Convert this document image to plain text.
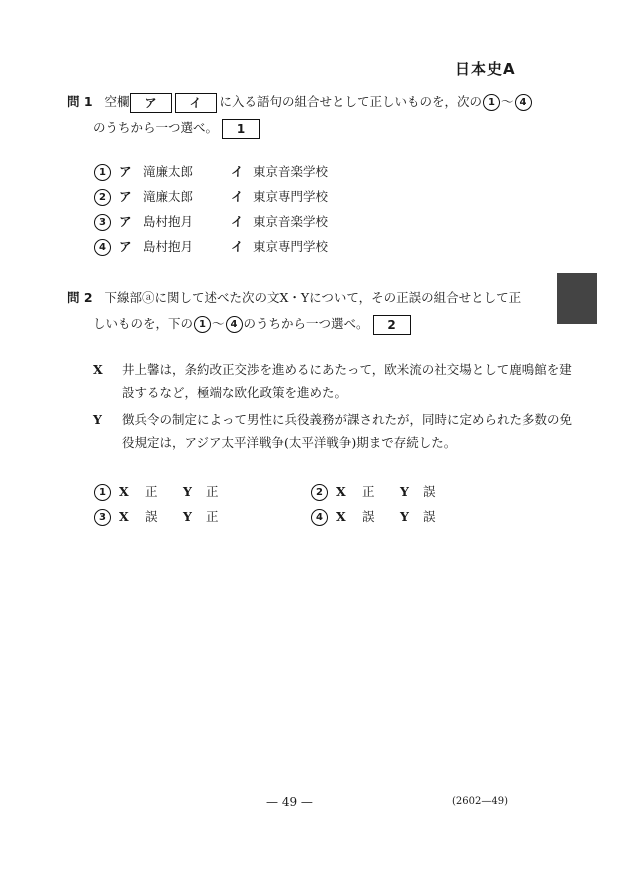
日本史A
問 1 空欄 ア	イ に入る語句の組合せとして正しいものを，次の 1 〜 4
のうちから一つ選べ。 1
1	ア 滝廉太郎	イ 東京音楽学校
2	ア 滝廉太郎	イ 東京専門学校
3	ア 島村抱月	イ 東京音楽学校
4	ア 島村抱月	イ 東京専門学校
問 2 下線部ⓐに関して述べた次の文X・Yについて，その正誤の組合せとして正
しいものを，下の 1 〜 4 のうちから一つ選べ。 2
X 井上馨は，条約改正交渉を進めるにあたって，欧米流の社交場として鹿鳴館を建設するなど，極端な欧化政策を進めた。
Y 徴兵令の制定によって男性に兵役義務が課されたが，同時に定められた多数の免役規定は，アジア太平洋戦争(太平洋戦争)期まで存続した。
1	X 正 Y 正	2	X 正 Y 誤
3	X 誤 Y 正	4	X 誤 Y 誤
— 49 —	(2602—49)
